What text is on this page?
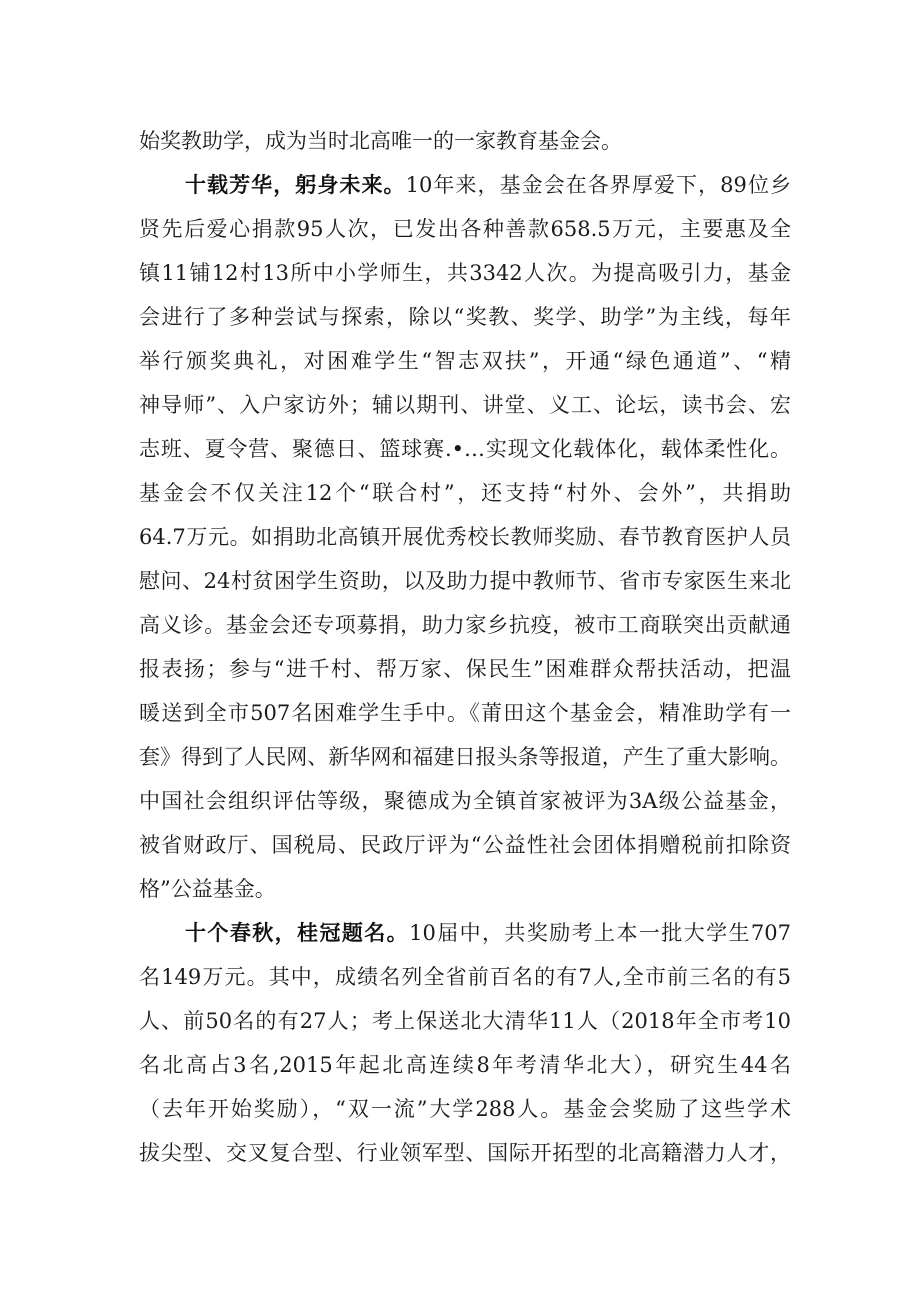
始奖教助学，成为当时北高唯一的一家教育基金会。
十载芳华，躬身未来。10年来，基金会在各界厚爱下，89位乡
贤先后爱心捐款95人次，已发出各种善款658.5万元，主要惠及全
镇11铺12村13所中小学师生，共3342人次。为提高吸引力，基金
会进行了多种尝试与探索，除以“奖教、奖学、助学”为主线，每年
举行颁奖典礼，对困难学生“智志双扶”，开通“绿色通道”、“精
神导师”、入户家访外；辅以期刊、讲堂、义工、论坛，读书会、宏
志班、夏令营、聚德日、篮球赛.•…实现文化载体化，载体柔性化。
基金会不仅关注12个“联合村”，还支持“村外、会外”，共捐助
64.7万元。如捐助北高镇开展优秀校长教师奖励、春节教育医护人员
慰问、24村贫困学生资助，以及助力提中教师节、省市专家医生来北
高义诊。基金会还专项募捐，助力家乡抗疫，被市工商联突出贡献通
报表扬；参与“进千村、帮万家、保民生”困难群众帮扶活动，把温
暖送到全市507名困难学生手中。《莆田这个基金会，精准助学有一
套》得到了人民网、新华网和福建日报头条等报道，产生了重大影响。
中国社会组织评估等级，聚德成为全镇首家被评为3A级公益基金，
被省财政厅、国税局、民政厅评为“公益性社会团体捐赠税前扣除资
格”公益基金。
十个春秋，桂冠题名。10届中，共奖励考上本一批大学生707
名149万元。其中，成绩名列全省前百名的有7人,全市前三名的有5
人、前50名的有27人；考上保送北大清华11人（2018年全市考10
名北高占3名,2015年起北高连续8年考清华北大），研究生44名
（去年开始奖励），“双一流”大学288人。基金会奖励了这些学术
拔尖型、交叉复合型、行业领军型、国际开拓型的北高籍潜力人才，
